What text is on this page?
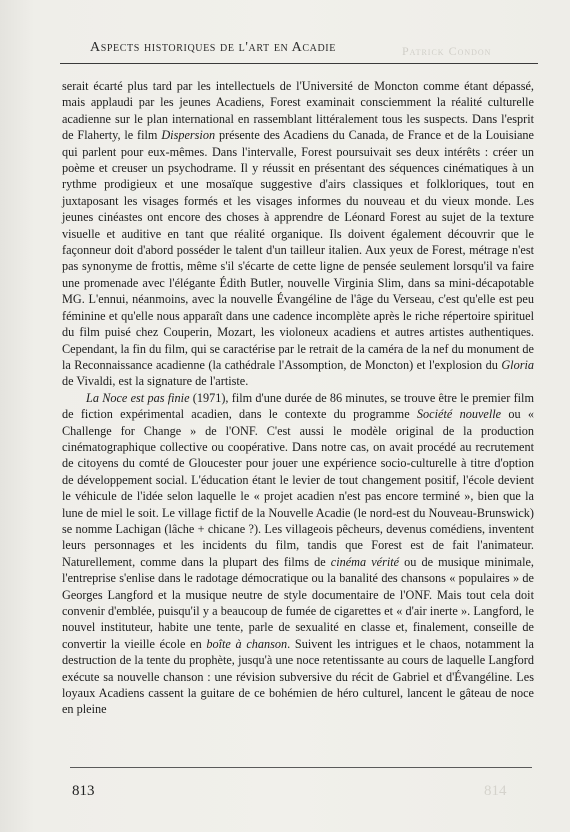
Patrick Condon
Aspects historiques de l'art en Acadie

serait écarté plus tard par les intellectuels de l'Université de Moncton comme étant dépassé, mais applaudi par les jeunes Acadiens, Forest examinait consciemment la réalité culturelle acadienne sur le plan international en rassemblant littéralement tous les suspects. Dans l'esprit de Flaherty, le film Dispersion présente des Acadiens du Canada, de France et de la Louisiane qui parlent pour eux-mêmes. Dans l'intervalle, Forest poursuivait ses deux intérêts : créer un poème et creuser un psychodrame. Il y réussit en présentant des séquences cinématiques à un rythme prodigieux et une mosaïque suggestive d'airs classiques et folkloriques, tout en juxtaposant les visages formés et les visages informes du nouveau et du vieux monde. Les jeunes cinéastes ont encore des choses à apprendre de Léonard Forest au sujet de la texture visuelle et auditive en tant que réalité organique. Ils doivent également découvrir que le façonneur doit d'abord posséder le talent d'un tailleur italien. Aux yeux de Forest, métrage n'est pas synonyme de frottis, même s'il s'écarte de cette ligne de pensée seulement lorsqu'il va faire une promenade avec l'élégante Édith Butler, nouvelle Virginia Slim, dans sa mini-décapotable MG. L'ennui, néanmoins, avec la nouvelle Évangéline de l'âge du Verseau, c'est qu'elle est peu féminine et qu'elle nous apparaît dans une cadence incomplète après le riche répertoire spirituel du film puisé chez Couperin, Mozart, les violoneux acadiens et autres artistes authentiques. Cependant, la fin du film, qui se caractérise par le retrait de la caméra de la nef du monument de la Reconnaissance acadienne (la cathédrale l'Assomption, de Moncton) et l'explosion du Gloria de Vivaldi, est la signature de l'artiste.

La Noce est pas finie (1971), film d'une durée de 86 minutes, se trouve être le premier film de fiction expérimental acadien, dans le contexte du programme Société nouvelle ou « Challenge for Change » de l'ONF. C'est aussi le modèle original de la production cinématographique collective ou coopérative. Dans notre cas, on avait procédé au recrutement de citoyens du comté de Gloucester pour jouer une expérience socio-culturelle à titre d'option de développement social. L'éducation étant le levier de tout changement positif, l'école devient le véhicule de l'idée selon laquelle le « projet acadien n'est pas encore terminé », bien que la lune de miel le soit. Le village fictif de la Nouvelle Acadie (le nord-est du Nouveau-Brunswick) se nomme Lachigan (lâche + chicane ?). Les villageois pêcheurs, devenus comédiens, inventent leurs personnages et les incidents du film, tandis que Forest est de fait l'animateur. Naturellement, comme dans la plupart des films de cinéma vérité ou de musique minimale, l'entreprise s'enlise dans le radotage démocratique ou la banalité des chansons « populaires » de Georges Langford et la musique neutre de style documentaire de l'ONF. Mais tout cela doit convenir d'emblée, puisqu'il y a beaucoup de fumée de cigarettes et « d'air inerte ». Langford, le nouvel instituteur, habite une tente, parle de sexualité en classe et, finalement, conseille de convertir la vieille école en boîte à chanson. Suivent les intrigues et le chaos, notamment la destruction de la tente du prophète, jusqu'à une noce retentissante au cours de laquelle Langford exécute sa nouvelle chanson : une révision subversive du récit de Gabriel et d'Évangéline. Les loyaux Acadiens cassent la guitare de ce bohémien de héro culturel, lancent le gâteau de noce en pleine

813	814
